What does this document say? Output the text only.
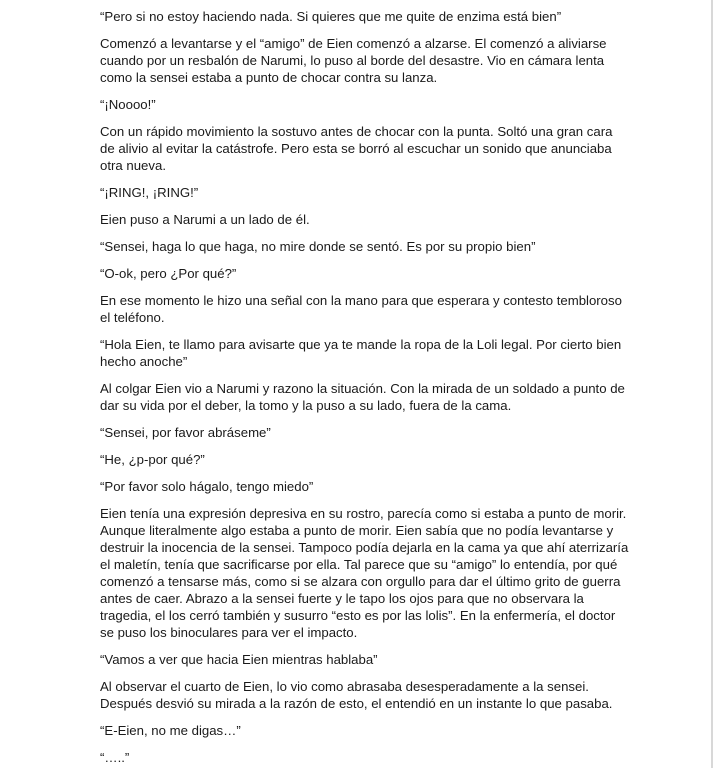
“Pero si no estoy haciendo nada. Si quieres que me quite de enzima está bien”

Comenzó a levantarse y el “amigo” de Eien comenzó a alzarse. El comenzó a aliviarse cuando por un resbalón de Narumi, lo puso al borde del desastre. Vio en cámara lenta como la sensei estaba a punto de chocar contra su lanza.

“¡Noooo!”

Con un rápido movimiento la sostuvo antes de chocar con la punta. Soltó una gran cara de alivio al evitar la catástrofe. Pero esta se borró al escuchar un sonido que anunciaba otra nueva.

“¡RING!, ¡RING!”

Eien puso a Narumi a un lado de él.

“Sensei, haga lo que haga, no mire donde se sentó. Es por su propio bien”

“O-ok, pero ¿Por qué?”

En ese momento le hizo una señal con la mano para que esperara y contesto tembloroso el teléfono.

“Hola Eien, te llamo para avisarte que ya te mande la ropa de la Loli legal. Por cierto bien hecho anoche”

Al colgar Eien vio a Narumi y razono la situación. Con la mirada de un soldado a punto de dar su vida por el deber, la tomo y la puso a su lado, fuera de la cama.

“Sensei, por favor abráseme”

“He, ¿p-por qué?”

“Por favor solo hágalo, tengo miedo”

Eien tenía una expresión depresiva en su rostro, parecía como si estaba a punto de morir. Aunque literalmente algo estaba a punto de morir. Eien sabía que no podía levantarse y destruir la inocencia de la sensei. Tampoco podía dejarla en la cama ya que ahí aterrizaría el maletín, tenía que sacrificarse por ella. Tal parece que su “amigo” lo entendía, por qué comenzó a tensarse más, como si se alzara con orgullo para dar el último grito de guerra antes de caer. Abrazo a la sensei fuerte y le tapo los ojos para que no observara la tragedia, el los cerró también y susurro “esto es por las lolis”. En la enfermería, el doctor se puso los binoculares para ver el impacto.

“Vamos a ver que hacia Eien mientras hablaba”

Al observar el cuarto de Eien, lo vio como abrasaba desesperadamente a la sensei. Después desvió su mirada a la razón de esto, el entendió en un instante lo que pasaba.

“E-Eien, no me digas…”

“…..”
